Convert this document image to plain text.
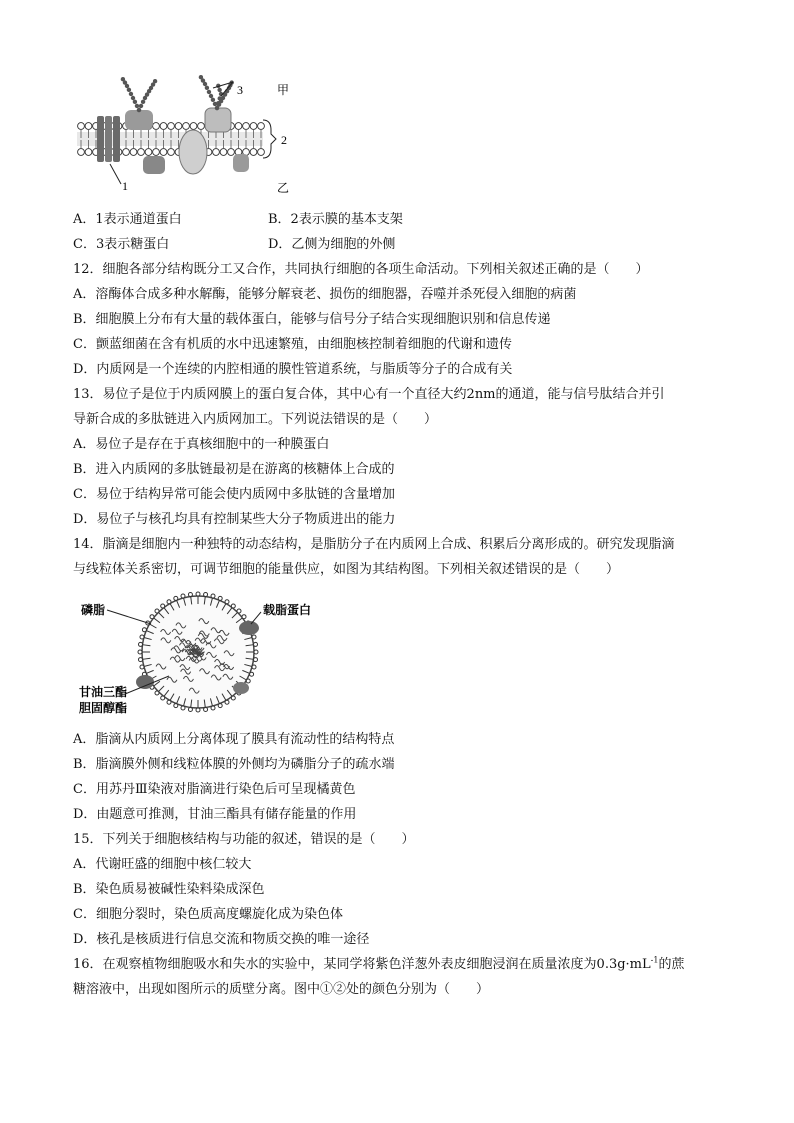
1
3
2
甲
乙
A．1表示通道蛋白	B．2表示膜的基本支架
C．3表示糖蛋白	D．乙侧为细胞的外侧
12．细胞各部分结构既分工又合作，共同执行细胞的各项生命活动。下列相关叙述正确的是（　　）
A．溶酶体合成多种水解酶，能够分解衰老、损伤的细胞器，吞噬并杀死侵入细胞的病菌
B．细胞膜上分布有大量的载体蛋白，能够与信号分子结合实现细胞识别和信息传递
C．颤蓝细菌在含有机质的水中迅速繁殖，由细胞核控制着细胞的代谢和遗传
D．内质网是一个连续的内腔相通的膜性管道系统，与脂质等分子的合成有关
13．易位子是位于内质网膜上的蛋白复合体，其中心有一个直径大约2nm的通道，能与信号肽结合并引
导新合成的多肽链进入内质网加工。下列说法错误的是（　　）
A．易位子是存在于真核细胞中的一种膜蛋白
B．进入内质网的多肽链最初是在游离的核糖体上合成的
C．易位于结构异常可能会使内质网中多肽链的含量增加
D．易位子与核孔均具有控制某些大分子物质进出的能力
14．脂滴是细胞内一种独特的动态结构，是脂肪分子在内质网上合成、积累后分离形成的。研究发现脂滴
与线粒体关系密切，可调节细胞的能量供应，如图为其结构图。下列相关叙述错误的是（　　）
磷脂	载脂蛋白
甘油三酯
胆固醇酯
A．脂滴从内质网上分离体现了膜具有流动性的结构特点
B．脂滴膜外侧和线粒体膜的外侧均为磷脂分子的疏水端
C．用苏丹Ⅲ染液对脂滴进行染色后可呈现橘黄色
D．由题意可推测，甘油三酯具有储存能量的作用
15．下列关于细胞核结构与功能的叙述，错误的是（　　）
A．代谢旺盛的细胞中核仁较大
B．染色质易被碱性染料染成深色
C．细胞分裂时，染色质高度螺旋化成为染色体
D．核孔是核质进行信息交流和物质交换的唯一途径
16．在观察植物细胞吸水和失水的实验中，某同学将紫色洋葱外表皮细胞浸润在质量浓度为$0.3g\cdot mL^{-1}$的蔗
糖溶液中，出现如图所示的质壁分离。图中①②处的颜色分别为（　　）
